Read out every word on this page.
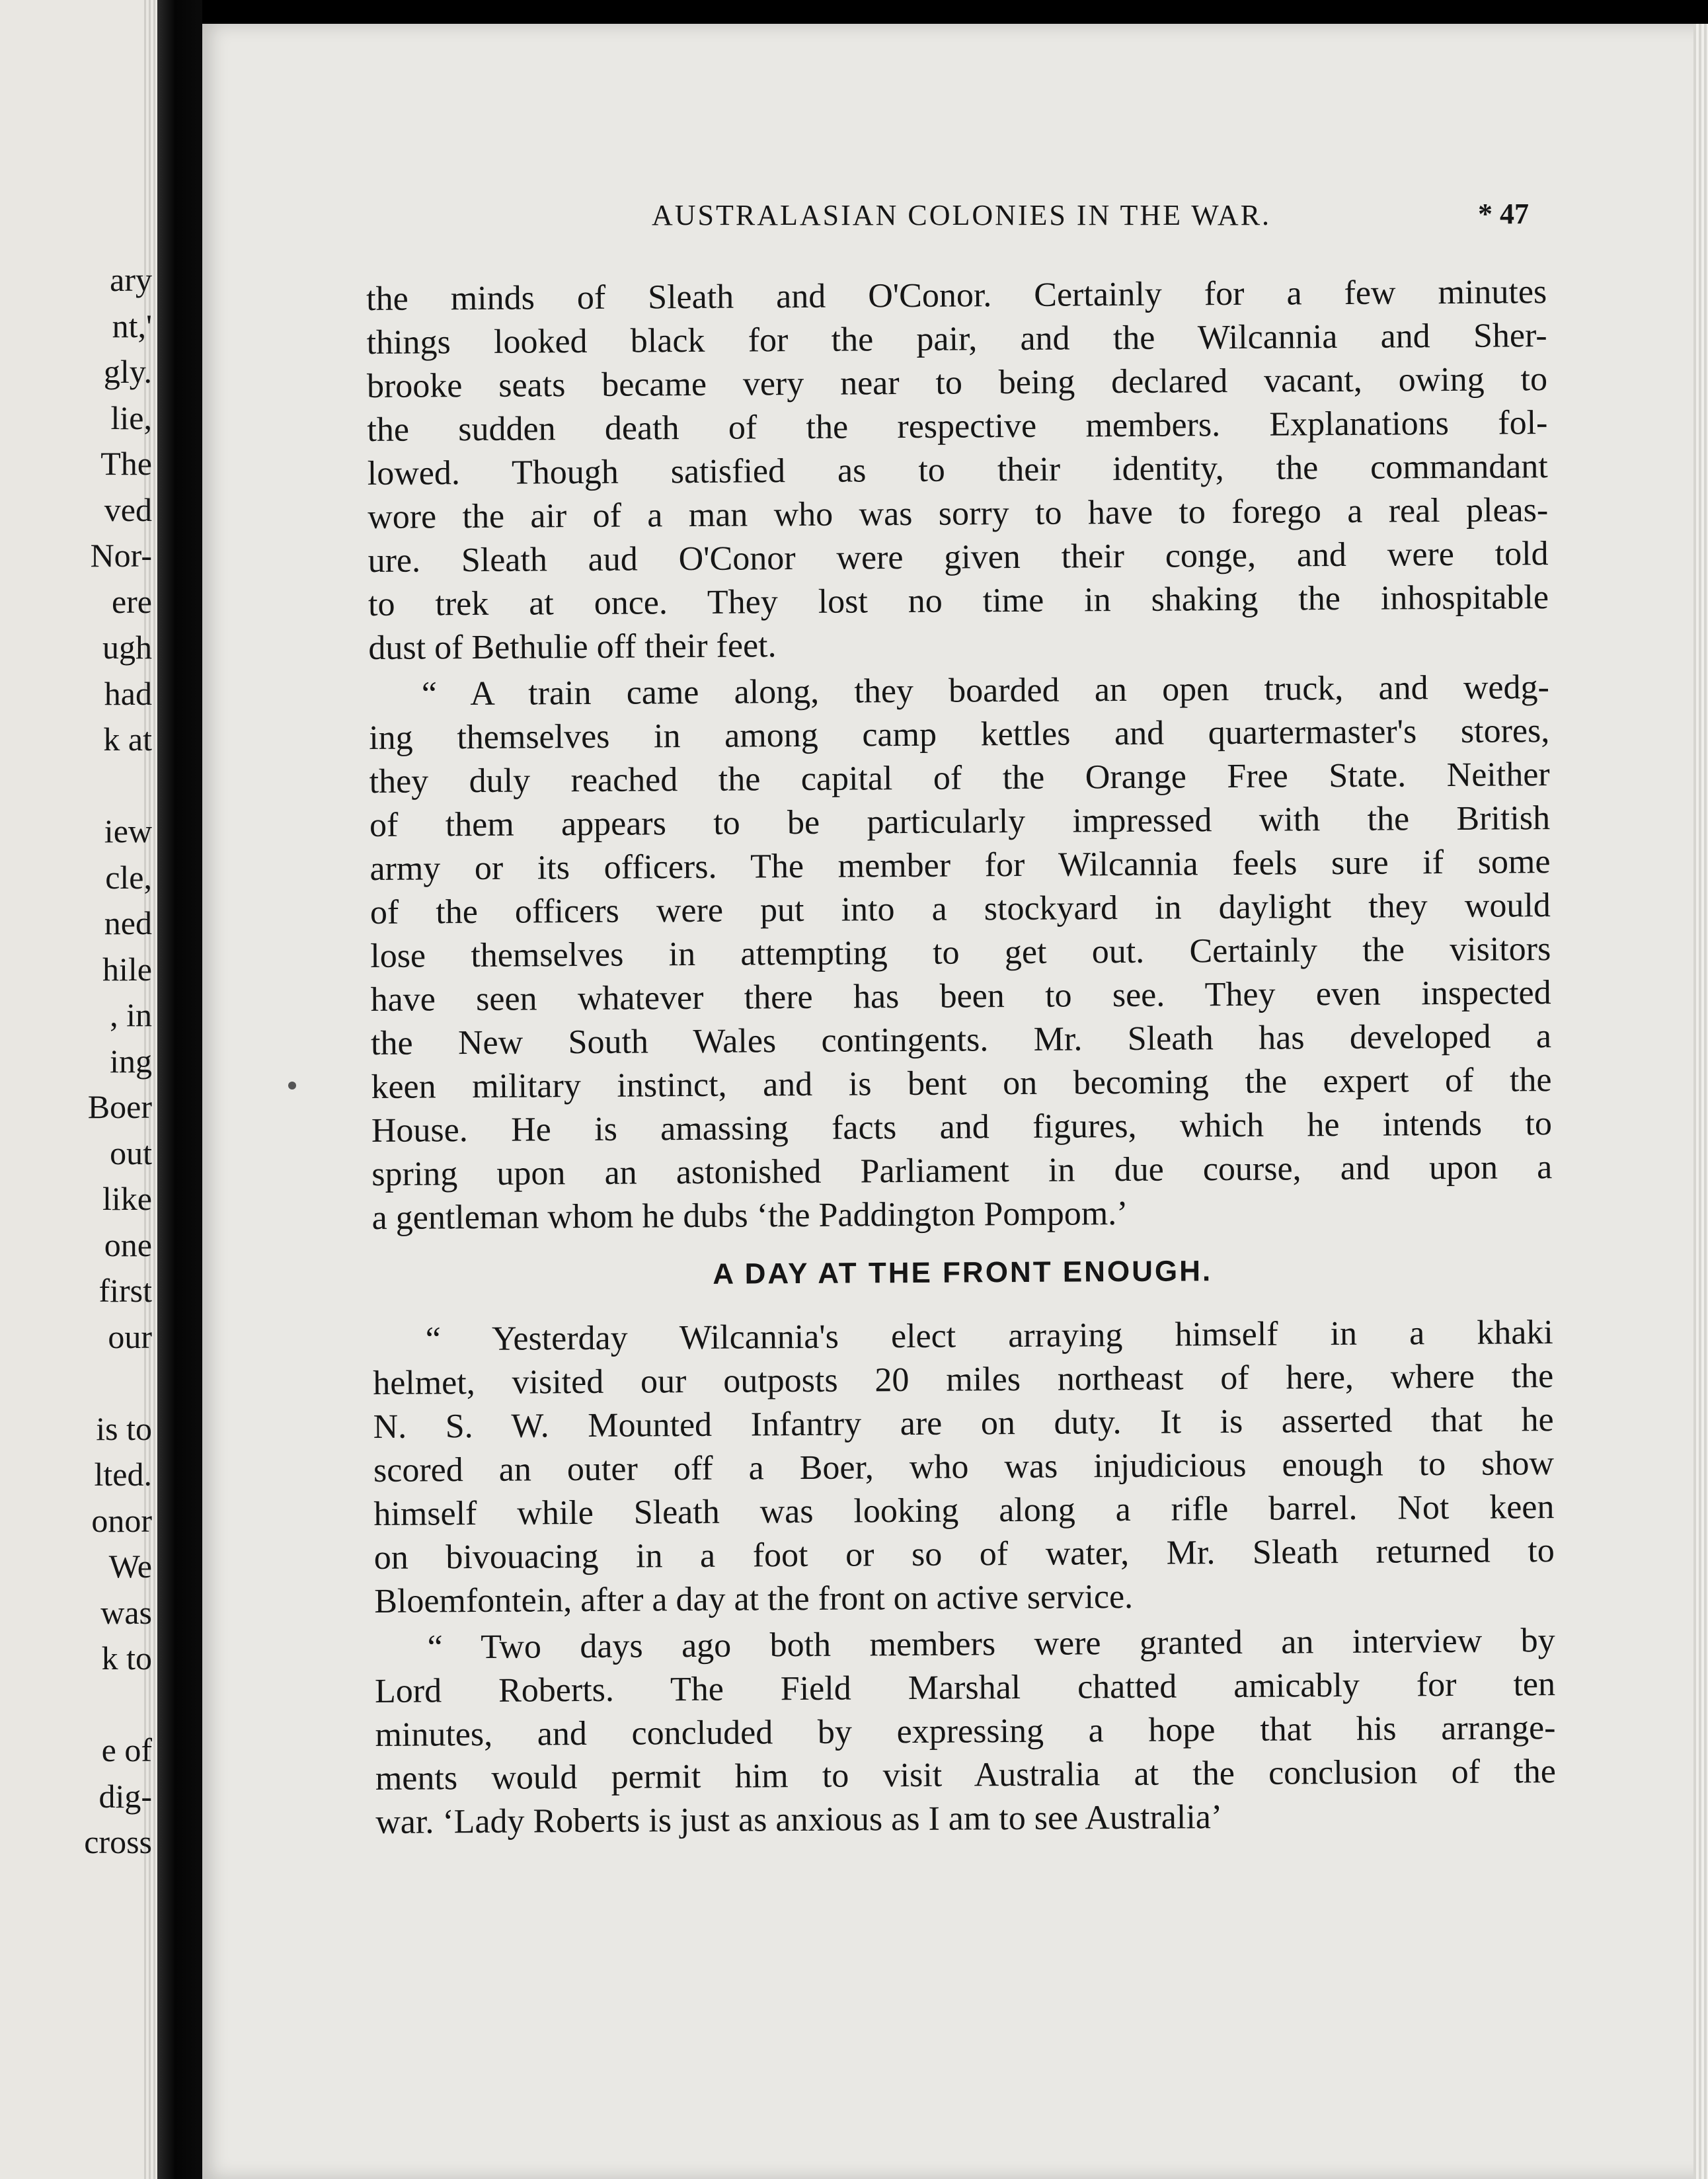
ary
nt,'
gly.
lie,
The
ved
Nor-
ere
ugh
had
k at
iew
cle,
ned
hile
, in
ing
Boer
out
like
one
first
our
is to
lted.
onor
We
was
k to
e of
dig-
cross
AUSTRALASIAN COLONIES IN THE WAR.	* 47
the minds of Sleath and O'Conor. Certainly for a few minutes
things looked black for the pair, and the Wilcannia and Sher-
brooke seats became very near to being declared vacant, owing to
the sudden death of the respective members. Explanations fol-
lowed. Though satisfied as to their identity, the commandant
wore the air of a man who was sorry to have to forego a real pleas-
ure. Sleath aud O'Conor were given their conge, and were told
to trek at once. They lost no time in shaking the inhospitable
dust of Bethulie off their feet.
“ A train came along, they boarded an open truck, and wedg-
ing themselves in among camp kettles and quartermaster's stores,
they duly reached the capital of the Orange Free State. Neither
of them appears to be particularly impressed with the British
army or its officers. The member for Wilcannia feels sure if some
of the officers were put into a stockyard in daylight they would
lose themselves in attempting to get out. Certainly the visitors
have seen whatever there has been to see. They even inspected
the New South Wales contingents. Mr. Sleath has developed a
keen military instinct, and is bent on becoming the expert of the
House. He is amassing facts and figures, which he intends to
spring upon an astonished Parliament in due course, and upon a
a gentleman whom he dubs ‘the Paddington Pompom.’
A DAY AT THE FRONT ENOUGH.
“ Yesterday Wilcannia's elect arraying himself in a khaki
helmet, visited our outposts 20 miles northeast of here, where the
N. S. W. Mounted Infantry are on duty. It is asserted that he
scored an outer off a Boer, who was injudicious enough to show
himself while Sleath was looking along a rifle barrel. Not keen
on bivouacing in a foot or so of water, Mr. Sleath returned to
Bloemfontein, after a day at the front on active service.
“ Two days ago both members were granted an interview by
Lord Roberts. The Field Marshal chatted amicably for ten
minutes, and concluded by expressing a hope that his arrange-
ments would permit him to visit Australia at the conclusion of the
war. ‘Lady Roberts is just as anxious as I am to see Australia’
